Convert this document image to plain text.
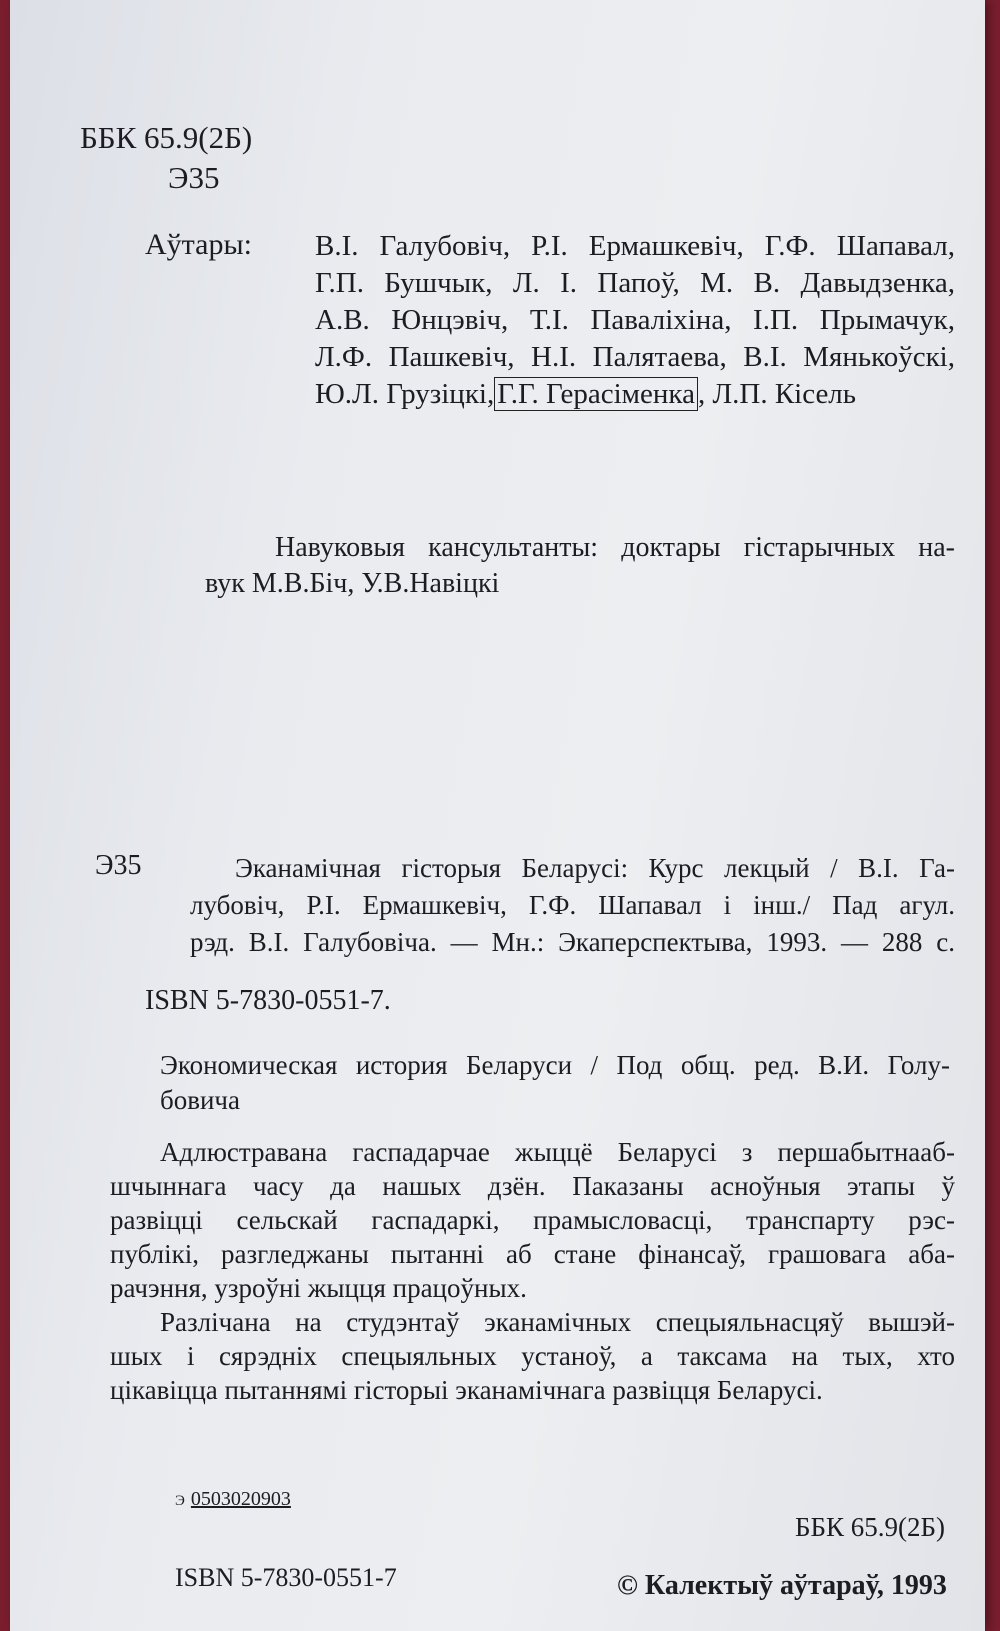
ББК 65.9(2Б)
Э35
Аўтары: В.І. Галубовіч, Р.І. Ермашкевіч, Г.Ф. Шапавал,
Г.П. Бушчык, Л. І. Папоў, М. В. Давыдзенка,
А.В. Юнцэвіч, Т.І. Паваліхіна, І.П. Прымачук,
Л.Ф. Пашкевіч, Н.І. Палятаева, В.І. Мянькоўскі,
Ю.Л. Грузіцкі, Г.Г. Герасіменка , Л.П. Кісель
Навуковыя кансультанты: доктары гістарычных на-
вук М.В.Біч, У.В.Навіцкі
Э35	Эканамічная гісторыя Беларусі: Курс лекцый / В.І. Га-
лубовіч, Р.І. Ермашкевіч, Г.Ф. Шапавал і інш./ Пад агул.
рэд. В.І. Галубовіча. — Мн.: Экаперспектыва, 1993. — 288 с.
ISBN 5-7830-0551-7.
Экономическая история Беларуси / Под общ. ред. В.И. Голу-
бовича
Адлюстравана гаспадарчае жыццё Беларусі з першабытнааб-
шчыннага часу да нашых дзён. Паказаны асноўныя этапы ў
развіцці сельскай гаспадаркі, прамысловасці, транспарту рэс-
публікі, разгледжаны пытанні аб стане фінансаў, грашовага аба-
рачэння, узроўні жыцця працоўных.
Разлічана на студэнтаў эканамічных спецыяльнасцяў вышэй-
шых і сярэдніх спецыяльных устаноў, а таксама на тых, хто
цікавіцца пытаннямі гісторыі эканамічнага развіцця Беларусі.
Э 0503020903
ББК 65.9(2Б)
ISBN 5-7830-0551-7	© Калектыў аўтараў, 1993
